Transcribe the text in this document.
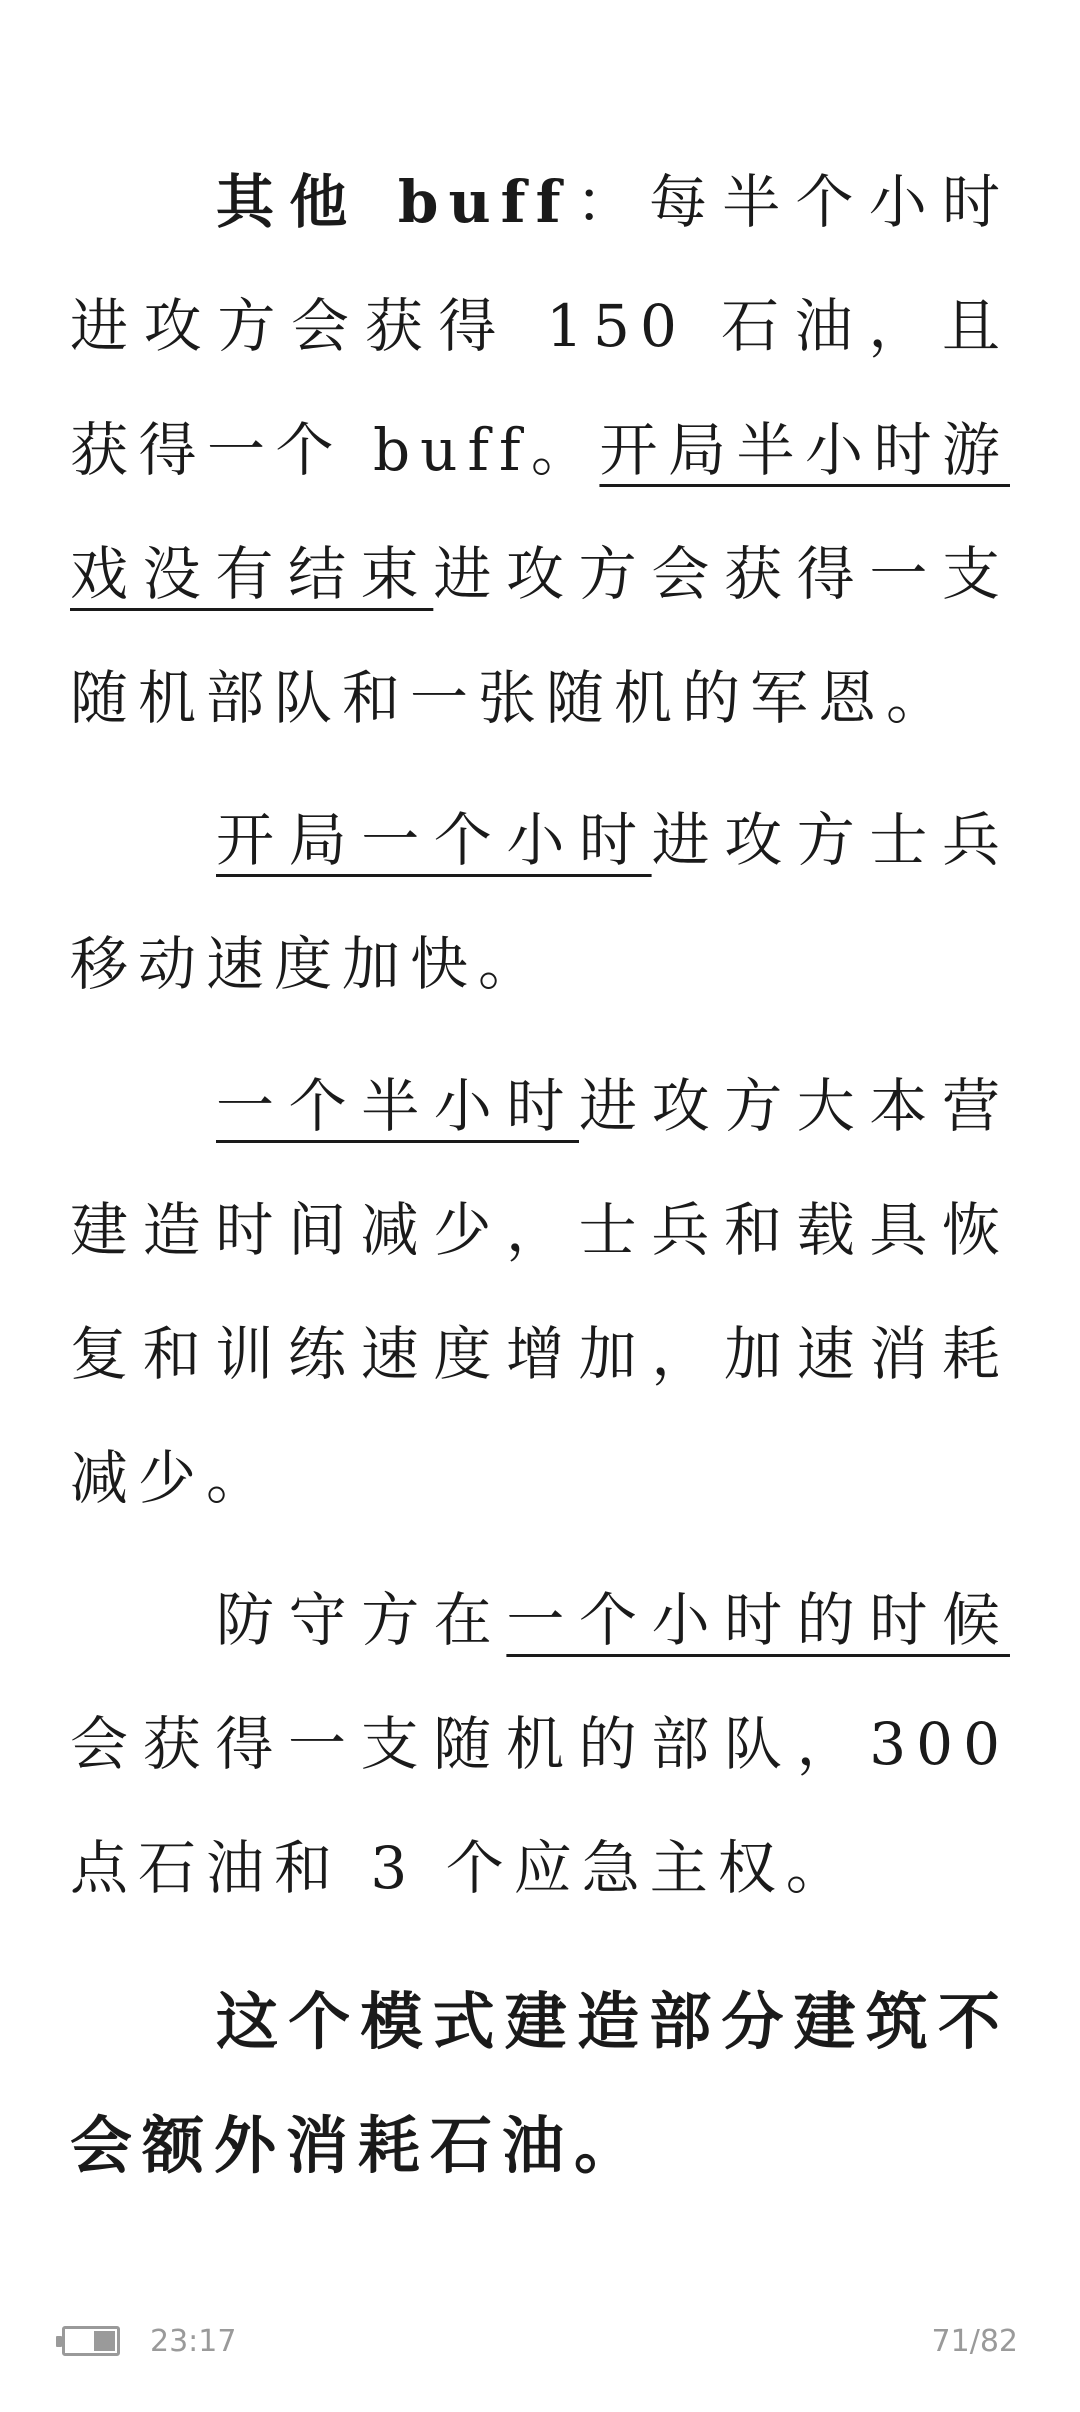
其他 buff：每半个小时进攻方会获得 150 石油，且获得一个 buff。开局半小时游戏没有结束进攻方会获得一支随机部队和一张随机的军恩。

开局一个小时进攻方士兵移动速度加快。

一个半小时进攻方大本营建造时间减少，士兵和载具恢复和训练速度增加，加速消耗减少。

防守方在一个小时的时候会获得一支随机的部队，300 点石油和 3 个应急主权。

这个模式建造部分建筑不会额外消耗石油。

23:17	71/82
